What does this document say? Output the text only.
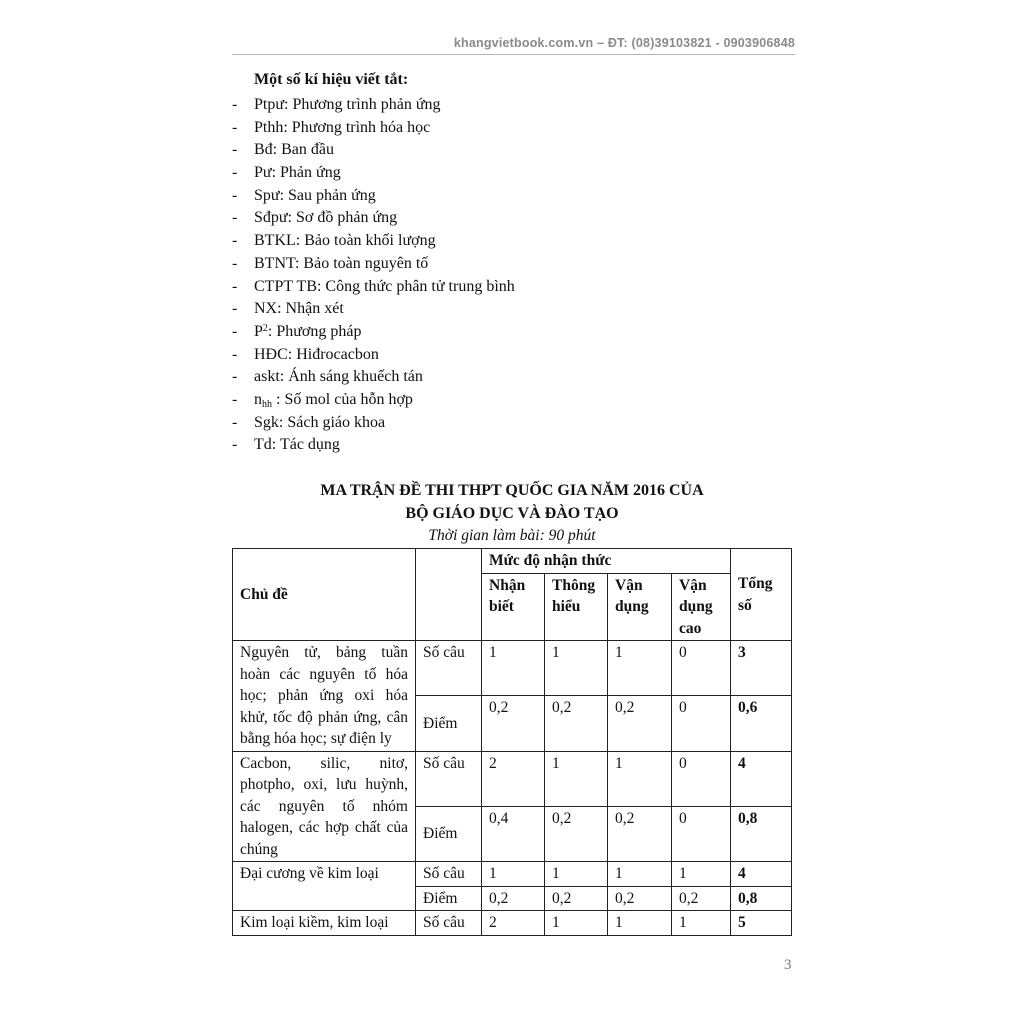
khangvietbook.com.vn – ĐT: (08)39103821 - 0903906848
Một số kí hiệu viết tắt:
- Ptpư: Phương trình phản ứng
- Pthh: Phương trình hóa học
- Bđ: Ban đầu
- Pư: Phản ứng
- Spư: Sau phản ứng
- Sđpư: Sơ đồ phản ứng
- BTKL: Bảo toàn khối lượng
- BTNT: Bảo toàn nguyên tố
- CTPT TB: Công thức phân tử trung bình
- NX: Nhận xét
- $P^2$: Phương pháp
- HĐC: Hiđrocacbon
- askt: Ánh sáng khuếch tán
- $n_{hh}$ : Số mol của hỗn hợp
- Sgk: Sách giáo khoa
- Td: Tác dụng
MA TRẬN ĐỀ THI THPT QUỐC GIA NĂM 2016 CỦA
BỘ GIÁO DỤC VÀ ĐÀO TẠO
Thời gian làm bài: 90 phút
Chủ đề		Mức độ nhận thức				Tổng số
		Nhận biết	Thông hiểu	Vận dụng	Vận dụng cao	
Nguyên tử, bảng tuần hoàn các nguyên tố hóa học; phản ứng oxi hóa khử, tốc độ phản ứng, cân bằng hóa học; sự điện ly	Số câu	1	1	1	0	3
	Điểm	0,2	0,2	0,2	0	0,6
Cacbon, silic, nitơ, photpho, oxi, lưu huỳnh, các nguyên tố nhóm halogen, các hợp chất của chúng	Số câu	2	1	1	0	4
	Điểm	0,4	0,2	0,2	0	0,8
Đại cương về kim loại	Số câu	1	1	1	1	4
	Điểm	0,2	0,2	0,2	0,2	0,8
Kim loại kiềm, kim loại	Số câu	2	1	1	1	5
3
